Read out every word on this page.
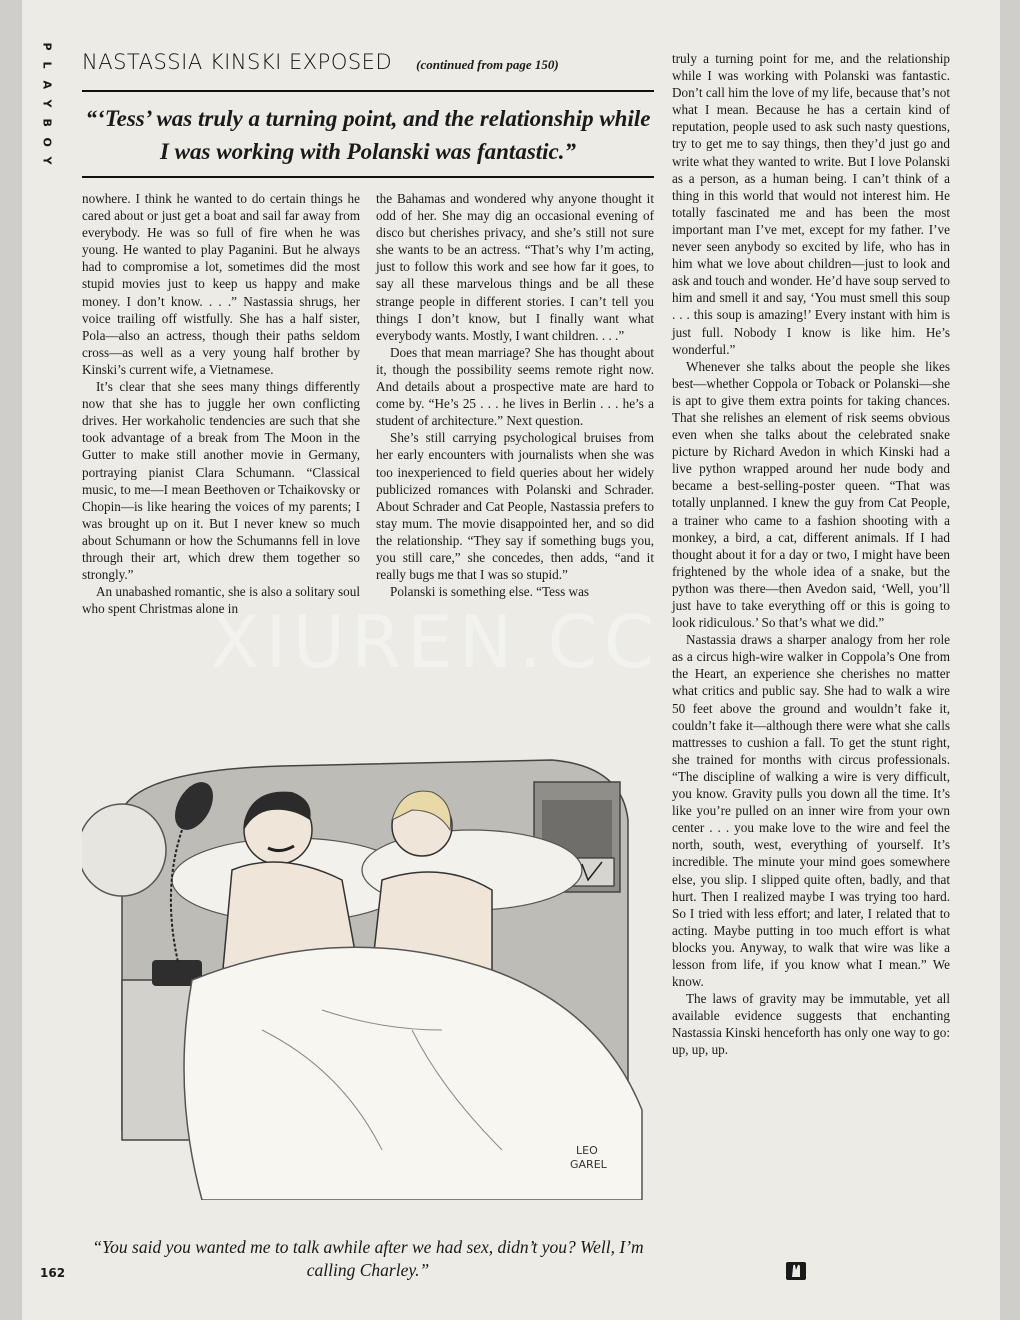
P
L
A
Y
B
O
Y
NASTASSIA KINSKI EXPOSED (continued from page 150)
“‘Tess’ was truly a turning point, and the relationship while I was working with Polanski was fantastic.”

nowhere. I think he wanted to do certain things he cared about or just get a boat and sail far away from everybody. He was so full of fire when he was young. He wanted to play Paganini. But he always had to compromise a lot, sometimes did the most stupid movies just to keep us happy and make money. I don’t know. . . .” Nastassia shrugs, her voice trailing off wistfully. She has a half sister, Pola—also an actress, though their paths seldom cross—as well as a very young half brother by Kinski’s current wife, a Vietnamese.

It’s clear that she sees many things differently now that she has to juggle her own conflicting drives. Her workaholic tendencies are such that she took advantage of a break from The Moon in the Gutter to make still another movie in Germany, portraying pianist Clara Schumann. “Classical music, to me—I mean Beethoven or Tchaikovsky or Chopin—is like hearing the voices of my parents; I was brought up on it. But I never knew so much about Schumann or how the Schumanns fell in love through their art, which drew them together so strongly.”

An unabashed romantic, she is also a solitary soul who spent Christmas alone in

the Bahamas and wondered why anyone thought it odd of her. She may dig an occasional evening of disco but cherishes privacy, and she’s still not sure she wants to be an actress. “That’s why I’m acting, just to follow this work and see how far it goes, to say all these marvelous things and be all these strange people in different stories. I can’t tell you things I don’t know, but I finally want what everybody wants. Mostly, I want children. . . .”

Does that mean marriage? She has thought about it, though the possibility seems remote right now. And details about a prospective mate are hard to come by. “He’s 25 . . . he lives in Berlin . . . he’s a student of architecture.” Next question.

She’s still carrying psychological bruises from her early encounters with journalists when she was too inexperienced to field queries about her widely publicized romances with Polanski and Schrader. About Schrader and Cat People, Nastassia prefers to stay mum. The movie disappointed her, and so did the relationship. “They say if something bugs you, you still care,” she concedes, then adds, “and it really bugs me that I was so stupid.”

Polanski is something else. “Tess was

truly a turning point for me, and the relationship while I was working with Polanski was fantastic. Don’t call him the love of my life, because that’s not what I mean. Because he has a certain kind of reputation, people used to ask such nasty questions, try to get me to say things, then they’d just go and write what they wanted to write. But I love Polanski as a person, as a human being. I can’t think of a thing in this world that would not interest him. He totally fascinated me and has been the most important man I’ve met, except for my father. I’ve never seen anybody so excited by life, who has in him what we love about children—just to look and ask and touch and wonder. He’d have soup served to him and smell it and say, ‘You must smell this soup . . . this soup is amazing!’ Every instant with him is just full. Nobody I know is like him. He’s wonderful.”

Whenever she talks about the people she likes best—whether Coppola or Toback or Polanski—she is apt to give them extra points for taking chances. That she relishes an element of risk seems obvious even when she talks about the celebrated snake picture by Richard Avedon in which Kinski had a live python wrapped around her nude body and became a best-selling-poster queen. “That was totally unplanned. I knew the guy from Cat People, a trainer who came to a fashion shooting with a monkey, a bird, a cat, different animals. If I had thought about it for a day or two, I might have been frightened by the whole idea of a snake, but the python was there—then Avedon said, ‘Well, you’ll just have to take everything off or this is going to look ridiculous.’ So that’s what we did.”

Nastassia draws a sharper analogy from her role as a circus high-wire walker in Coppola’s One from the Heart, an experience she cherishes no matter what critics and public say. She had to walk a wire 50 feet above the ground and wouldn’t fake it, couldn’t fake it—although there were what she calls mattresses to cushion a fall. To get the stunt right, she trained for months with circus professionals. “The discipline of walking a wire is very difficult, you know. Gravity pulls you down all the time. It’s like you’re pulled on an inner wire from your own center . . . you make love to the wire and feel the north, south, west, everything of yourself. It’s incredible. The minute your mind goes somewhere else, you slip. I slipped quite often, badly, and that hurt. Then I realized maybe I was trying too hard. So I tried with less effort; and later, I related that to acting. Maybe putting in too much effort is what blocks you. Anyway, to walk that wire was like a lesson from life, if you know what I mean.” We know.

The laws of gravity may be immutable, yet all available evidence suggests that enchanting Nastassia Kinski henceforth has only one way to go: up, up, up.

LEO
GAREL
“You said you wanted me to talk awhile after we had sex, didn’t you? Well, I’m calling Charley.”
162
XIUREN.CC
